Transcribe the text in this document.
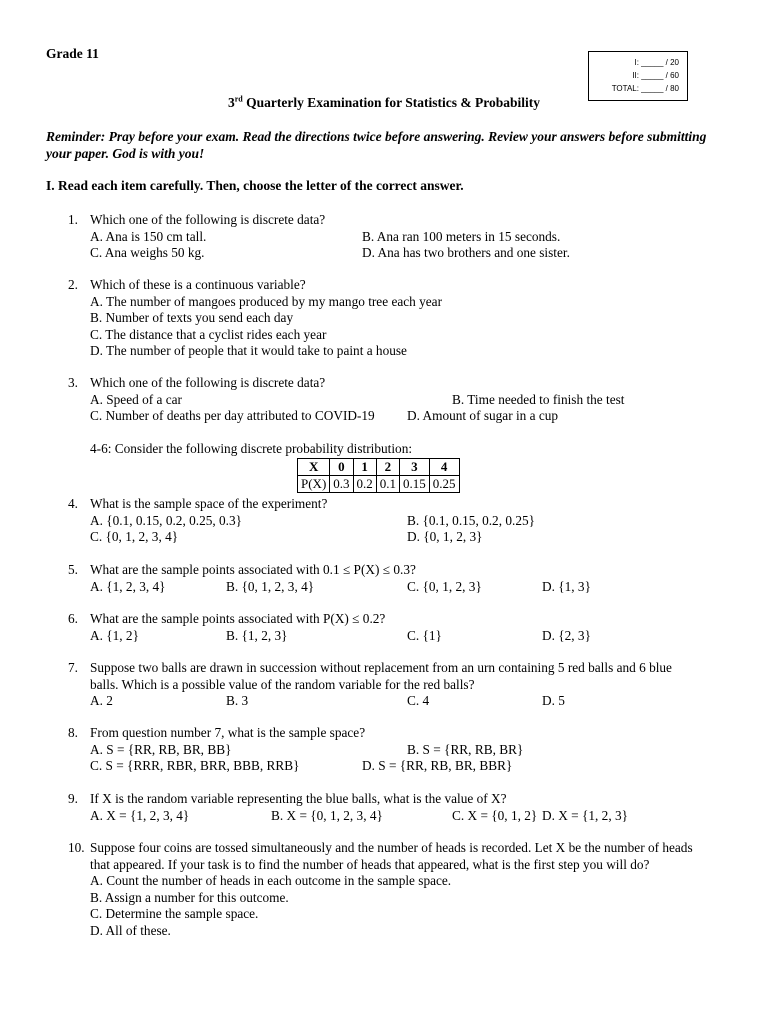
Grade 11
I: _____ / 20
II: _____ / 60
TOTAL: _____ / 80
3rd Quarterly Examination for Statistics & Probability
Reminder: Pray before your exam. Read the directions twice before answering. Review your answers before submitting your paper. God is with you!
I. Read each item carefully. Then, choose the letter of the correct answer.
1. Which one of the following is discrete data?
A. Ana is 150 cm tall.	B. Ana ran 100 meters in 15 seconds.
C. Ana weighs 50 kg.	D. Ana has two brothers and one sister.
2. Which of these is a continuous variable?
A. The number of mangoes produced by my mango tree each year
B. Number of texts you send each day
C. The distance that a cyclist rides each year
D. The number of people that it would take to paint a house
3. Which one of the following is discrete data?
A. Speed of a car	B. Time needed to finish the test
C. Number of deaths per day attributed to COVID-19 D. Amount of sugar in a cup
4-6: Consider the following discrete probability distribution:
X	0	1	2	3	4
P(X)	0.3	0.2	0.1	0.15	0.25
4. What is the sample space of the experiment?
A. {0.1, 0.15, 0.2, 0.25, 0.3}	B. {0.1, 0.15, 0.2, 0.25}
C. {0, 1, 2, 3, 4}	D. {0, 1, 2, 3}
5. What are the sample points associated with 0.1 ≤ P(X) ≤ 0.3?
A. {1, 2, 3, 4}	B. {0, 1, 2, 3, 4}	C. {0, 1, 2, 3}	D. {1, 3}
6. What are the sample points associated with P(X) ≤ 0.2?
A. {1, 2}	B. {1, 2, 3}	C. {1}	D. {2, 3}
7. Suppose two balls are drawn in succession without replacement from an urn containing 5 red balls and 6 blue
balls. Which is a possible value of the random variable for the red balls?
A. 2	B. 3	C. 4	D. 5
8. From question number 7, what is the sample space?
A. S = {RR, RB, BR, BB}	B. S = {RR, RB, BR}
C. S = {RRR, RBR, BRR, BBB, RRB}	D. S = {RR, RB, BR, BBR}
9. If X is the random variable representing the blue balls, what is the value of X?
A. X = {1, 2, 3, 4}	B. X = {0, 1, 2, 3, 4}	C. X = {0, 1, 2} D. X = {1, 2, 3}
10. Suppose four coins are tossed simultaneously and the number of heads is recorded. Let X be the number of heads
that appeared. If your task is to find the number of heads that appeared, what is the first step you will do?
A. Count the number of heads in each outcome in the sample space.
B. Assign a number for this outcome.
C. Determine the sample space.
D. All of these.
